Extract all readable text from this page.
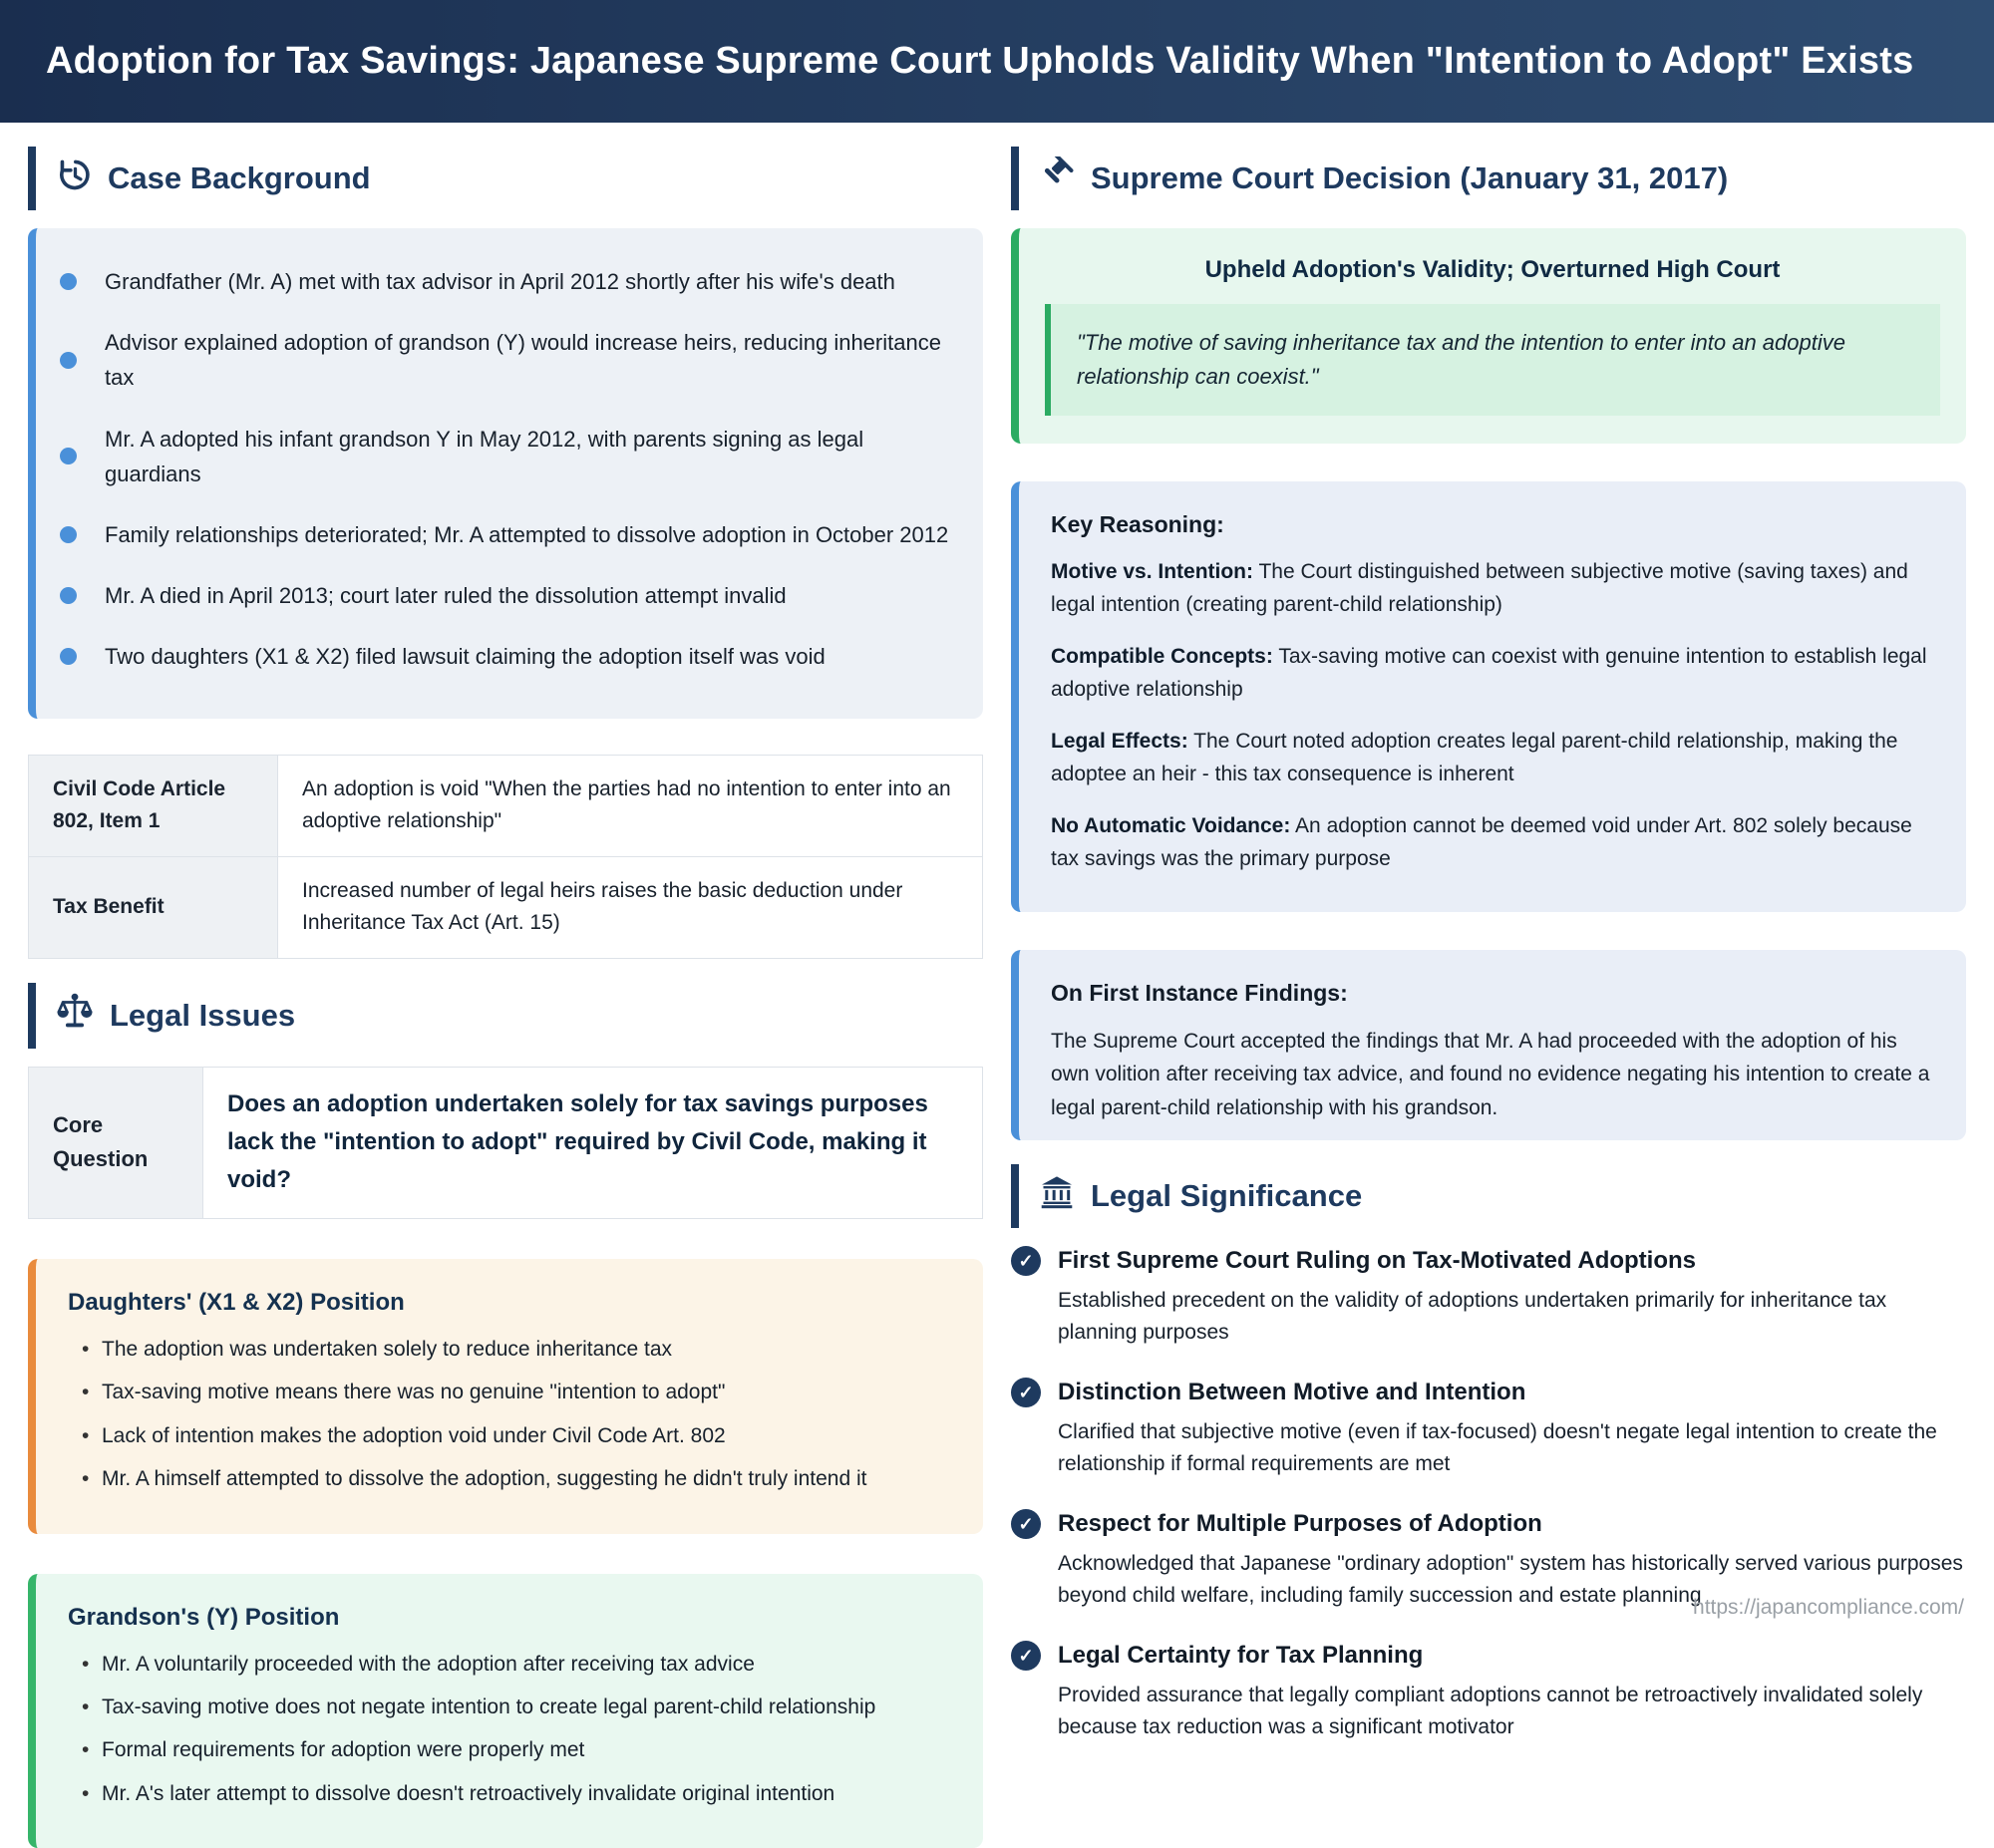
Adoption for Tax Savings: Japanese Supreme Court Upholds Validity When "Intention to Adopt" Exists
Case Background
Grandfather (Mr. A) met with tax advisor in April 2012 shortly after his wife's death
Advisor explained adoption of grandson (Y) would increase heirs, reducing inheritance tax
Mr. A adopted his infant grandson Y in May 2012, with parents signing as legal guardians
Family relationships deteriorated; Mr. A attempted to dissolve adoption in October 2012
Mr. A died in April 2013; court later ruled the dissolution attempt invalid
Two daughters (X1 & X2) filed lawsuit claiming the adoption itself was void
Civil Code Article 802, Item 1	An adoption is void "When the parties had no intention to enter into an adoptive relationship"
Tax Benefit	Increased number of legal heirs raises the basic deduction under Inheritance Tax Act (Art. 15)
Legal Issues
Core Question	Does an adoption undertaken solely for tax savings purposes lack the "intention to adopt" required by Civil Code, making it void?
Daughters' (X1 & X2) Position
• The adoption was undertaken solely to reduce inheritance tax
• Tax-saving motive means there was no genuine "intention to adopt"
• Lack of intention makes the adoption void under Civil Code Art. 802
• Mr. A himself attempted to dissolve the adoption, suggesting he didn't truly intend it
Grandson's (Y) Position
• Mr. A voluntarily proceeded with the adoption after receiving tax advice
• Tax-saving motive does not negate intention to create legal parent-child relationship
• Formal requirements for adoption were properly met
• Mr. A's later attempt to dissolve doesn't retroactively invalidate original intention
Supreme Court Decision (January 31, 2017)
Upheld Adoption's Validity; Overturned High Court
"The motive of saving inheritance tax and the intention to enter into an adoptive relationship can coexist."
Key Reasoning:

Motive vs. Intention: The Court distinguished between subjective motive (saving taxes) and legal intention (creating parent-child relationship)

Compatible Concepts: Tax-saving motive can coexist with genuine intention to establish legal adoptive relationship

Legal Effects: The Court noted adoption creates legal parent-child relationship, making the adoptee an heir - this tax consequence is inherent

No Automatic Voidance: An adoption cannot be deemed void under Art. 802 solely because tax savings was the primary purpose

On First Instance Findings:

The Supreme Court accepted the findings that Mr. A had proceeded with the adoption of his own volition after receiving tax advice, and found no evidence negating his intention to create a legal parent-child relationship with his grandson.

Legal Significance
✓	First Supreme Court Ruling on Tax-Motivated Adoptions

Established precedent on the validity of adoptions undertaken primarily for inheritance tax planning purposes

✓	Distinction Between Motive and Intention

Clarified that subjective motive (even if tax-focused) doesn't negate legal intention to create the relationship if formal requirements are met

✓	Respect for Multiple Purposes of Adoption

Acknowledged that Japanese "ordinary adoption" system has historically served various purposes beyond child welfare, including family succession and estate planning

✓	Legal Certainty for Tax Planning

Provided assurance that legally compliant adoptions cannot be retroactively invalidated solely because tax reduction was a significant motivator

https://japancompliance.com/
